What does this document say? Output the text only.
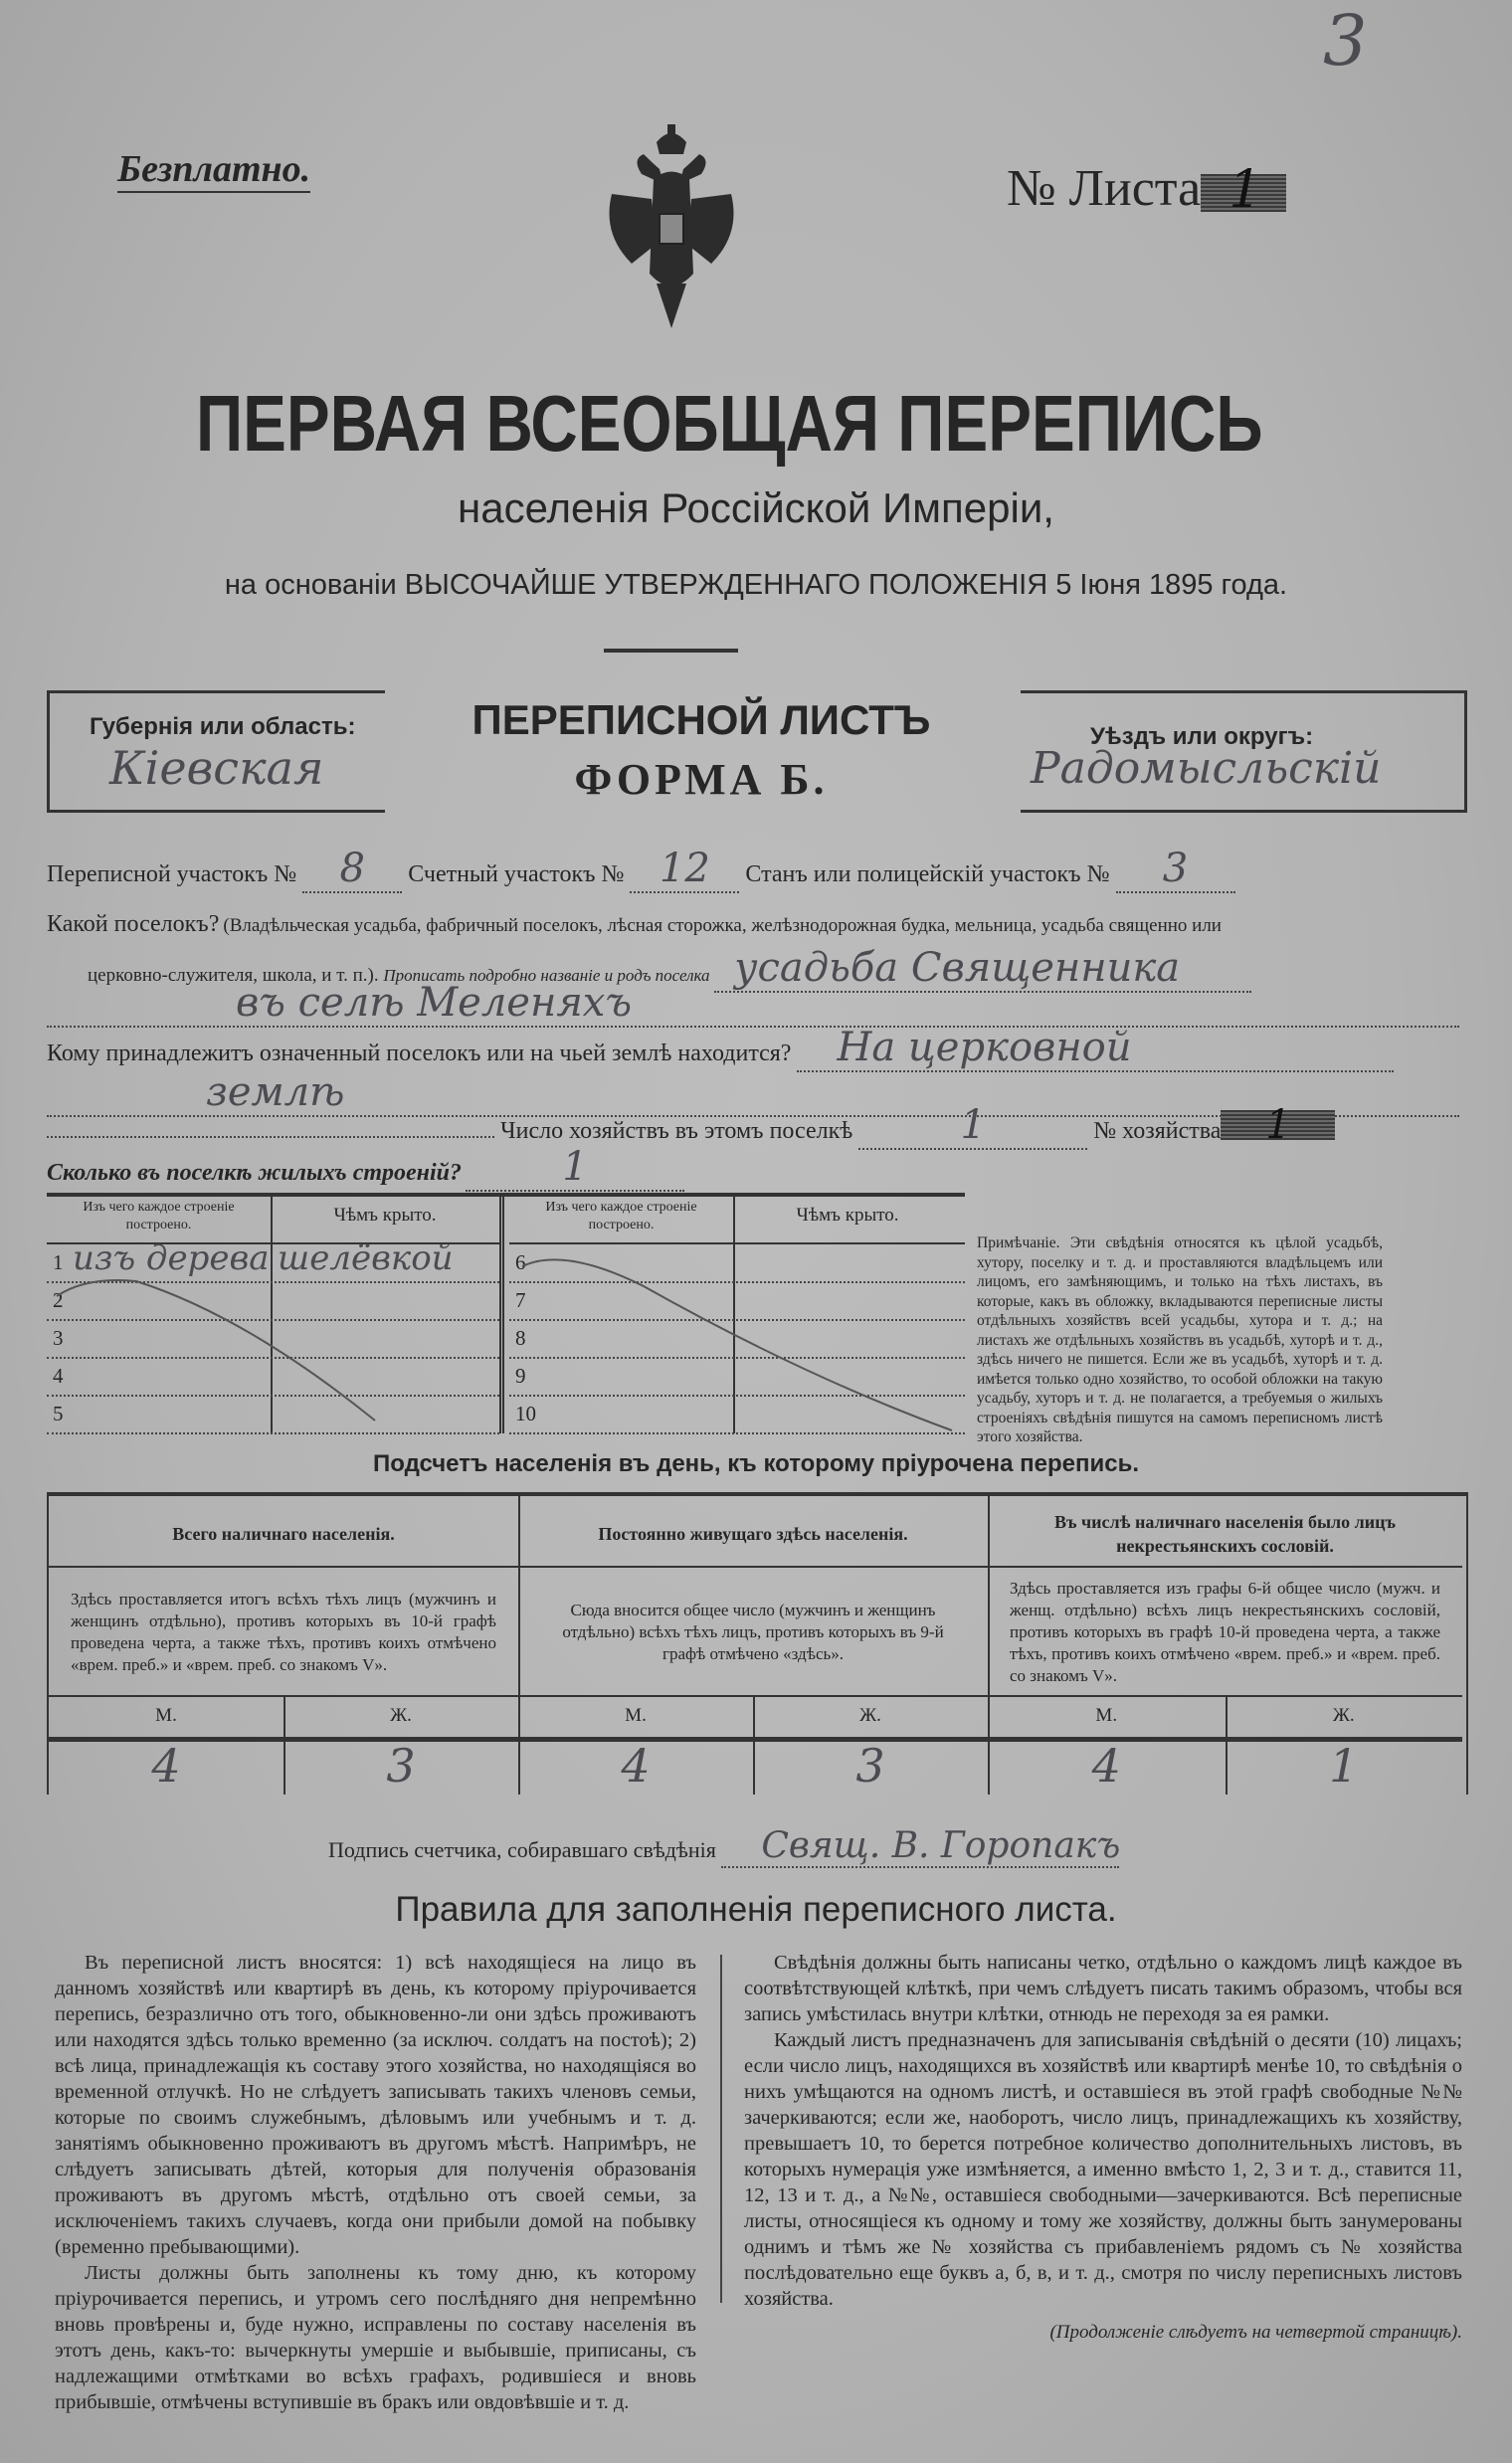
3
Безплатно.	№ Листа 1
ПЕРВАЯ ВСЕОБЩАЯ ПЕРЕПИСЬ
населенія Россійской Имперіи,
на основаніи ВЫСОЧАЙШЕ УТВЕРЖДЕННАГО ПОЛОЖЕНІЯ 5 Іюня 1895 года.
Губернія или область:
Кіевская
ПЕРЕПИСНОЙ ЛИСТЪ
ФОРМА Б.
Уѣздъ или округъ:
Радомысльскій
Переписной участокъ № 8 Счетный участокъ № 12 Станъ или полицейскій участокъ № 3
Какой поселокъ? (Владѣльческая усадьба, фабричный поселокъ, лѣсная сторожка, желѣзнодорожная будка, мельница, усадьба священно или
церковно-служителя, школа, и т. п.). Прописать подробно названіе и родъ поселка усадьба Священника
въ селѣ Меленяхъ
Кому принадлежитъ означенный поселокъ или на чьей землѣ находится? На церковной
землѣ
Число хозяйствъ въ этомъ поселкѣ	1	№ хозяйства 1
Сколько въ поселкѣ жилыхъ строеній?	1
Изъ чего каждое строеніе построено.	Чѣмъ крыто.
1 изъ дерева шелёвкой
2
3
4
5
Изъ чего каждое строеніе построено.	Чѣмъ крыто.
6
7
8
9
10
Примѣчаніе. Эти свѣдѣнія относятся къ цѣлой усадьбѣ, хутору, поселку и т. д. и проставляются владѣльцемъ или лицомъ, его замѣняющимъ, и только на тѣхъ листахъ, въ которые, какъ въ обложку, вкладываются переписные листы отдѣльныхъ хозяйствъ всей усадьбы, хутора и т. д.; на листахъ же отдѣльныхъ хозяйствъ въ усадьбѣ, хуторѣ и т. д., здѣсь ничего не пишется. Если же въ усадьбѣ, хуторѣ и т. д. имѣется только одно хозяйство, то особой обложки на такую усадьбу, хуторъ и т. д. не полагается, а требуемыя о жилыхъ строеніяхъ свѣдѣнія пишутся на самомъ переписномъ листѣ этого хозяйства.
Подсчетъ населенія въ день, къ которому пріурочена перепись.
Всего наличнаго населенія.
Здѣсь проставляется итогъ всѣхъ тѣхъ лицъ (мужчинъ и женщинъ отдѣльно), противъ которыхъ въ 10-й графѣ проведена черта, а также тѣхъ, противъ коихъ отмѣчено «врем. преб.» и «врем. преб. со знакомъ V».
М.	Ж.
4	3
Постоянно живущаго здѣсь населенія.
Сюда вносится общее число (мужчинъ и женщинъ отдѣльно) всѣхъ тѣхъ лицъ, противъ которыхъ въ 9-й графѣ отмѣчено «здѣсь».
М.	Ж.
4	3
Въ числѣ наличнаго населенія было лицъ некрестьянскихъ сословій.
Здѣсь проставляется изъ графы 6-й общее число (мужч. и женщ. отдѣльно) всѣхъ лицъ некрестьянскихъ сословій, противъ которыхъ въ графѣ 10-й проведена черта, а также тѣхъ, противъ коихъ отмѣчено «врем. преб.» и «врем. преб. со знакомъ V».
М.	Ж.
4	1
Подпись счетчика, собиравшаго свѣдѣнія Свящ. В. Горопакъ
Правила для заполненія переписного листа.

Въ переписной листъ вносятся: 1) всѣ находящіеся на лицо въ данномъ хозяйствѣ или квартирѣ въ день, къ которому пріурочивается перепись, безразлично отъ того, обыкновенно-ли они здѣсь проживаютъ или находятся здѣсь только временно (за исключ. солдатъ на постоѣ); 2) всѣ лица, принадлежащія къ составу этого хозяйства, но находящіяся во временной отлучкѣ. Но не слѣдуетъ записывать такихъ членовъ семьи, которые по своимъ служебнымъ, дѣловымъ или учебнымъ и т. д. занятіямъ обыкновенно проживаютъ въ другомъ мѣстѣ. Напримѣръ, не слѣдуетъ записывать дѣтей, которыя для полученія образованія проживаютъ въ другомъ мѣстѣ, отдѣльно отъ своей семьи, за исключеніемъ такихъ случаевъ, когда они прибыли домой на побывку (временно пребывающими).

Листы должны быть заполнены къ тому дню, къ которому пріурочивается перепись, и утромъ сего послѣдняго дня непремѣнно вновь провѣрены и, буде нужно, исправлены по составу населенія въ этотъ день, какъ-то: вычеркнуты умершіе и выбывшіе, приписаны, съ надлежащими отмѣтками во всѣхъ графахъ, родившіеся и вновь прибывшіе, отмѣчены вступившіе въ бракъ или овдовѣвшіе и т. д.

Свѣдѣнія должны быть написаны четко, отдѣльно о каждомъ лицѣ каждое въ соотвѣтствующей клѣткѣ, при чемъ слѣдуетъ писать такимъ образомъ, чтобы вся запись умѣстилась внутри клѣтки, отнюдь не переходя за ея рамки.

Каждый листъ предназначенъ для записыванія свѣдѣній о десяти (10) лицахъ; если число лицъ, находящихся въ хозяйствѣ или квартирѣ менѣе 10, то свѣдѣнія о нихъ умѣщаются на одномъ листѣ, и оставшіеся въ этой графѣ свободные №№ зачеркиваются; если же, наоборотъ, число лицъ, принадлежащихъ къ хозяйству, превышаетъ 10, то берется потребное количество дополнительныхъ листовъ, въ которыхъ нумерація уже измѣняется, а именно вмѣсто 1, 2, 3 и т. д., ставится 11, 12, 13 и т. д., а №№, оставшіеся свободными—зачеркиваются. Всѣ переписные листы, относящіеся къ одному и тому же хозяйству, должны быть занумерованы однимъ и тѣмъ же № хозяйства съ прибавленіемъ рядомъ съ № хозяйства послѣдовательно еще буквъ а, б, в, и т. д., смотря по числу переписныхъ листовъ хозяйства.

(Продолженіе слѣдуетъ на четвертой страницѣ).
